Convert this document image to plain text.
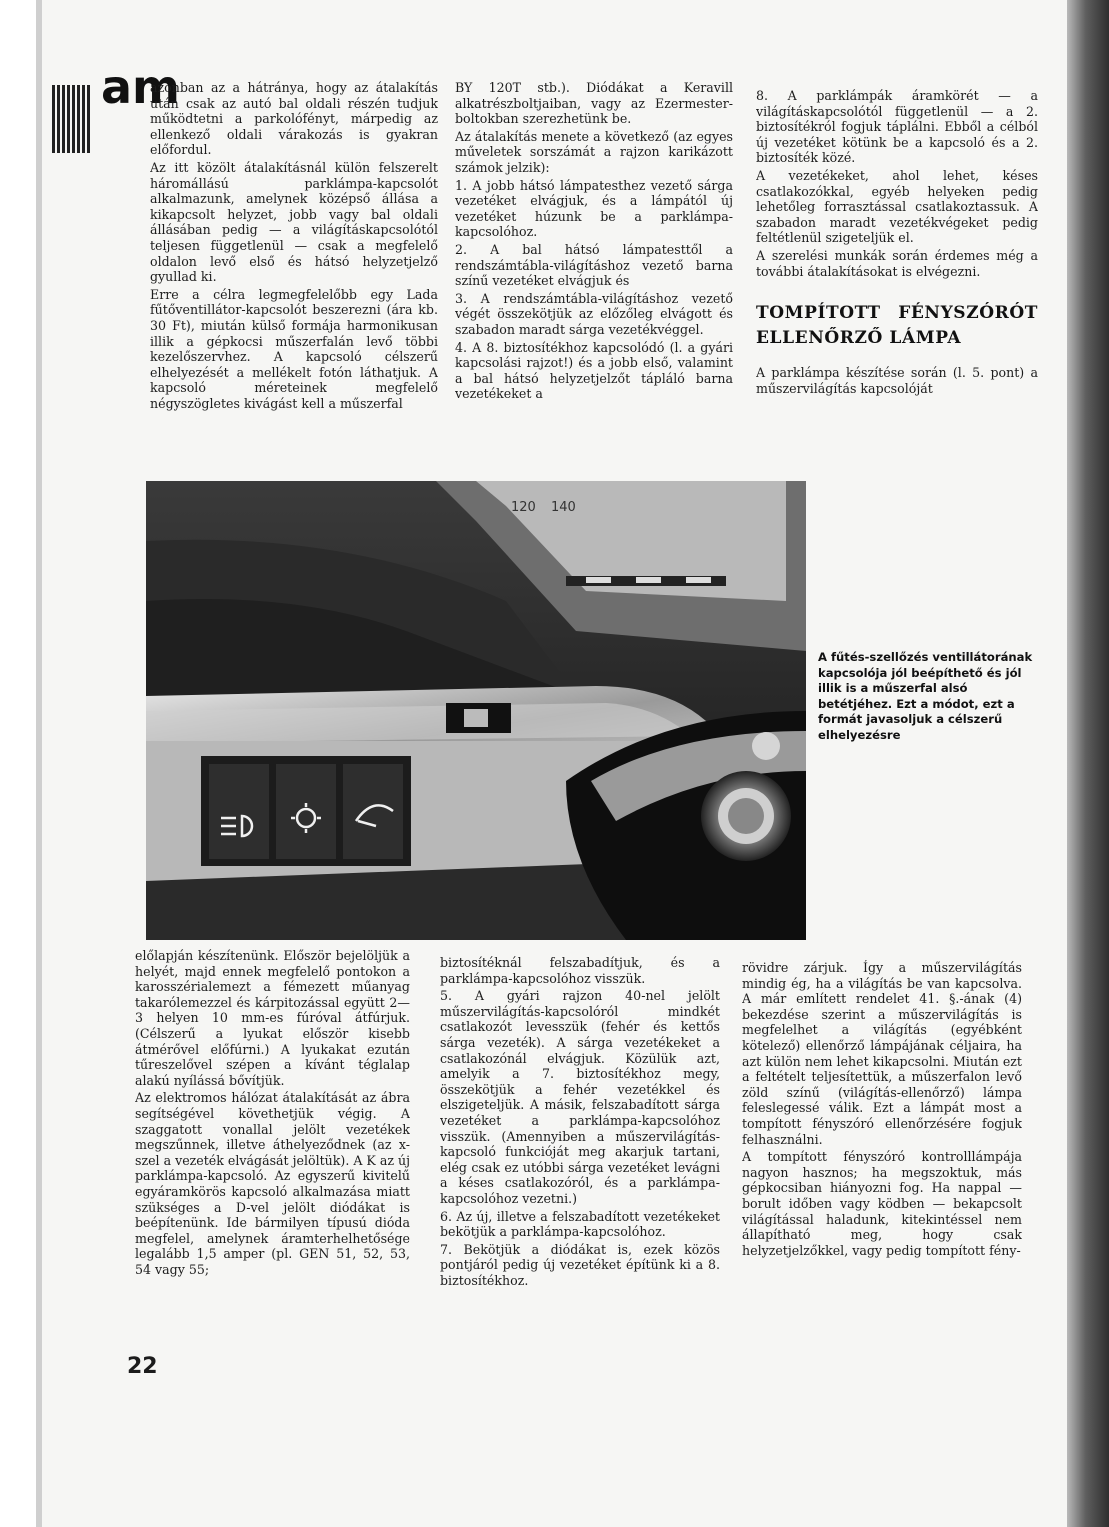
am

azonban az a hátránya, hogy az átalakítás után csak az autó bal oldali részén tudjuk működtetni a parkolófényt, márpedig az ellenkező oldali várakozás is gyakran előfordul.

Az itt közölt átalakításnál külön felszerelt háromállású parklámpa-kapcsolót alkalmazunk, amelynek középső állása a kikapcsolt helyzet, jobb vagy bal oldali állásában pedig — a világításkapcsolótól teljesen függetlenül — csak a megfelelő oldalon levő első és hátsó helyzetjelző gyullad ki.

Erre a célra legmegfelelőbb egy Lada fűtőventillátor-kapcsolót beszerezni (ára kb. 30 Ft), miután külső formája harmonikusan illik a gépkocsi műszerfalán levő többi kezelőszervhez. A kapcsoló célszerű elhelyezését a mellékelt fotón láthatjuk. A kapcsoló méreteinek megfelelő négyszögletes kivágást kell a műszerfal

BY 120T stb.). Diódákat a Keravill alkatrészboltjaiban, vagy az Ezermester-boltokban szerezhetünk be.

Az átalakítás menete a következő (az egyes műveletek sorszámát a rajzon karikázott számok jelzik):

1. A jobb hátsó lámpatesthez vezető sárga vezetéket elvágjuk, és a lámpától új vezetéket húzunk be a parklámpa-kapcsolóhoz.

2. A bal hátsó lámpatesttől a rendszámtábla-világításhoz vezető barna színű vezetéket elvágjuk és

3. A rendszámtábla-világításhoz vezető végét összekötjük az előzőleg elvágott és szabadon maradt sárga vezetékvéggel.

4. A 8. biztosítékhoz kapcsolódó (l. a gyári kapcsolási rajzot!) és a jobb első, valamint a bal hátsó helyzetjelzőt tápláló barna vezetékeket a

8. A parklámpák áramkörét — a világításkapcsolótól függetlenül — a 2. biztosítékról fogjuk táplálni. Ebből a célból új vezetéket kötünk be a kapcsoló és a 2. biztosíték közé.

A vezetékeket, ahol lehet, késes csatlakozókkal, egyéb helyeken pedig lehetőleg forrasztással csatlakoztassuk. A szabadon maradt vezetékvégeket pedig feltétlenül szigeteljük el.

A szerelési munkák során érdemes még a további átalakításokat is elvégezni.

TOMPÍTOTT FÉNYSZÓRÓT ELLENŐRZŐ LÁMPA

A parklámpa készítése során (l. 5. pont) a műszervilágítás kapcsolóját

120 140
A fűtés-szellőzés ventillátorának kapcsolója jól beépíthető és jól illik is a műszerfal alsó betétjéhez. Ezt a módot, ezt a formát javasoljuk a célszerű elhelyezésre

előlapján készítenünk. Először bejelöljük a helyét, majd ennek megfelelő pontokon a karosszérialemezt a fémezett műanyag takarólemezzel és kárpitozással együtt 2—3 helyen 10 mm-es fúróval átfúrjuk. (Célszerű a lyukat először kisebb átmérővel előfúrni.) A lyukakat ezután tűreszelővel szépen a kívánt téglalap alakú nyílássá bővítjük.

Az elektromos hálózat átalakítását az ábra segítségével követhetjük végig. A szaggatott vonallal jelölt vezetékek megszűnnek, illetve áthelyeződnek (az x-szel a vezeték elvágását jelöltük). A K az új parklámpa-kapcsoló. Az egyszerű kivitelű egyáramkörös kapcsoló alkalmazása miatt szükséges a D-vel jelölt diódákat is beépítenünk. Ide bármilyen típusú dióda megfelel, amelynek áramterhelhetősége legalább 1,5 amper (pl. GEN 51, 52, 53, 54 vagy 55;

biztosítéknál felszabadítjuk, és a parklámpa-kapcsolóhoz visszük.

5. A gyári rajzon 40-nel jelölt műszervilágítás-kapcsolóról mindkét csatlakozót levesszük (fehér és kettős sárga vezeték). A sárga vezetékeket a csatlakozónál elvágjuk. Közülük azt, amelyik a 7. biztosítékhoz megy, összekötjük a fehér vezetékkel és elszigeteljük. A másik, felszabadított sárga vezetéket a parklámpa-kapcsolóhoz visszük. (Amennyiben a műszervilágítás-kapcsoló funkcióját meg akarjuk tartani, elég csak ez utóbbi sárga vezetéket levágni a késes csatlakozóról, és a parklámpa-kapcsolóhoz vezetni.)

6. Az új, illetve a felszabadított vezetékeket bekötjük a parklámpa-kapcsolóhoz.

7. Bekötjük a diódákat is, ezek közös pontjáról pedig új vezetéket építünk ki a 8. biztosítékhoz.

rövidre zárjuk. Így a műszervilágítás mindig ég, ha a világítás be van kapcsolva. A már említett rendelet 41. §.-ának (4) bekezdése szerint a műszervilágítás is megfelelhet a világítás (egyébként kötelező) ellenőrző lámpájának céljaira, ha azt külön nem lehet kikapcsolni. Miután ezt a feltételt teljesítettük, a műszerfalon levő zöld színű (világítás-ellenőrző) lámpa feleslegessé válik. Ezt a lámpát most a tompított fényszóró ellenőrzésére fogjuk felhasználni.

A tompított fényszóró kontrolllámpája nagyon hasznos; ha megszoktuk, más gépkocsiban hiányozni fog. Ha nappal — borult időben vagy ködben — bekapcsolt világítással haladunk, kitekintéssel nem állapítható meg, hogy csak helyzetjelzőkkel, vagy pedig tompított fény-

22
